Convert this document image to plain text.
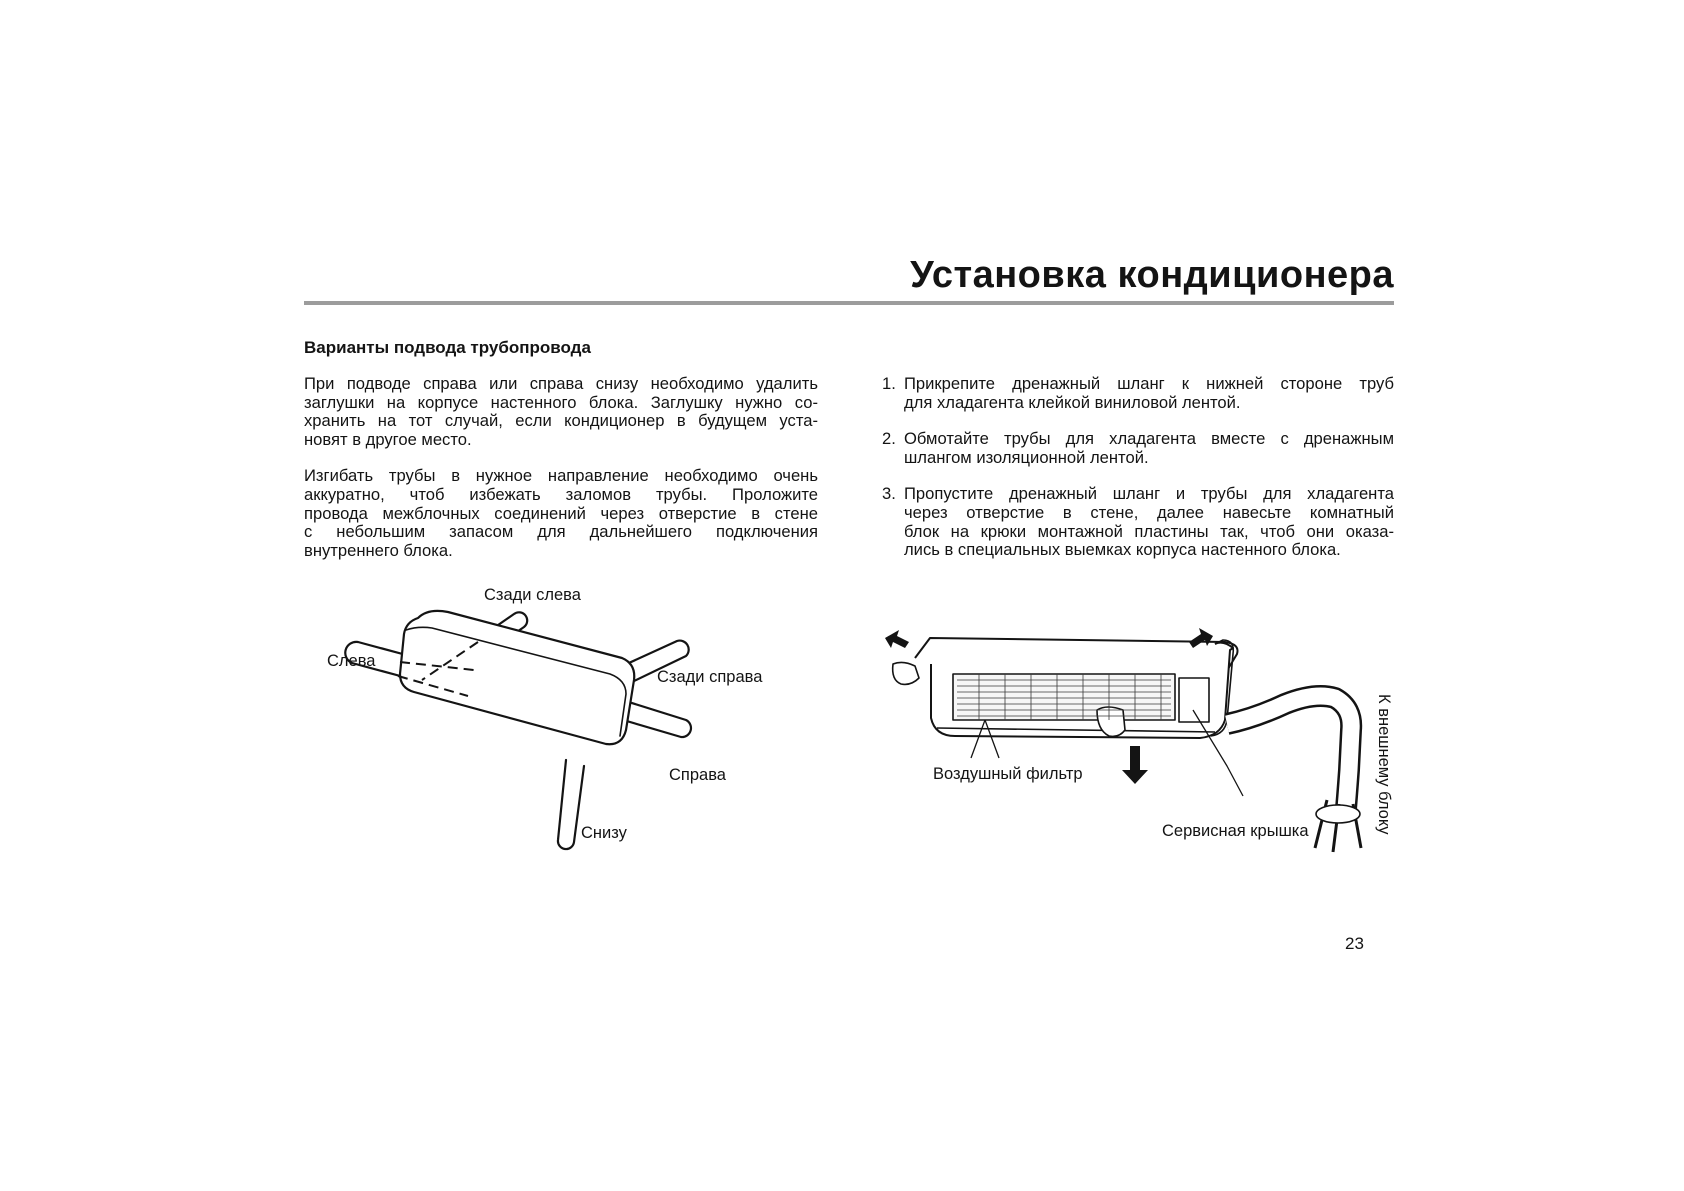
Установка кондиционера
Варианты подвода трубопровода

При подводе справа или справа снизу необходимо удалить
заглушки на корпусе настенного блока. Заглушку нужно со-
хранить на тот случай, если кондиционер в будущем уста-
новят в другое место.

Изгибать трубы в нужное направление необходимо очень
аккуратно, чтоб избежать заломов трубы. Проложите
провода межблочных соединений через отверстие в стене
с небольшим запасом для дальнейшего подключения
внутреннего блока.

1. Прикрепите дренажный шланг к нижней стороне труб
для хладагента клейкой виниловой лентой.
2. Обмотайте трубы для хладагента вместе с дренажным
шлангом изоляционной лентой.
3. Пропустите дренажный шланг и трубы для хладагента
через отверстие в стене, далее навесьте комнатный
блок на крюки монтажной пластины так, чтоб они оказа-
лись в специальных выемках корпуса настенного блока.
Сзади слева
Слева
Сзади справа
Справа
Снизу
Воздушный фильтр
Сервисная крышка	К внешнему блоку
23
